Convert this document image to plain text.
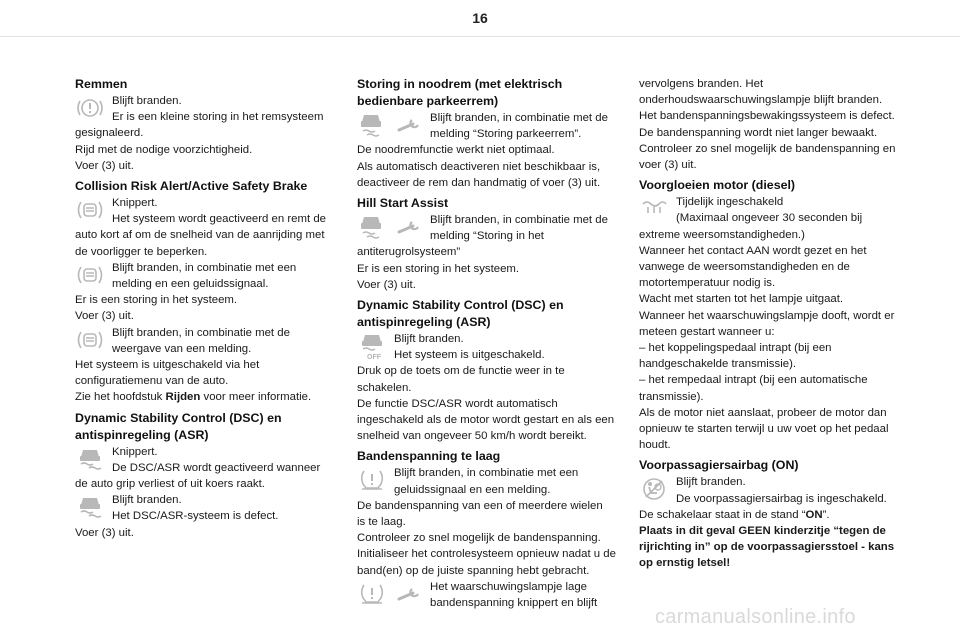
16
Remmen
Blijft branden.
Er is een kleine storing in het remsysteem
gesignaleerd.
Rijd met de nodige voorzichtigheid.
Voer (3) uit.
Collision Risk Alert/Active Safety Brake
Knippert.
Het systeem wordt geactiveerd en remt de
auto kort af om de snelheid van de aanrijding met
de voorligger te beperken.
Blijft branden, in combinatie met een
melding en een geluidssignaal.
Er is een storing in het systeem.
Voer (3) uit.
Blijft branden, in combinatie met de
weergave van een melding.
Het systeem is uitgeschakeld via het
configuratiemenu van de auto.
Zie het hoofdstuk Rijden voor meer informatie.
Dynamic Stability Control (DSC) en antispinregeling (ASR)
Knippert.
De DSC/ASR wordt geactiveerd wanneer
de auto grip verliest of uit koers raakt.
Blijft branden.
Het DSC/ASR-systeem is defect.
Voer (3) uit.
Storing in noodrem (met elektrisch bedienbare parkeerrem)
Blijft branden, in combinatie met de
melding “Storing parkeerrem”.
De noodremfunctie werkt niet optimaal.
Als automatisch deactiveren niet beschikbaar is,
deactiveer de rem dan handmatig of voer (3) uit.
Hill Start Assist
Blijft branden, in combinatie met de
melding “Storing in het
antiterugrolsysteem”
Er is een storing in het systeem.
Voer (3) uit.
Dynamic Stability Control (DSC) en antispinregeling (ASR)
OFF
Blijft branden.
Het systeem is uitgeschakeld.
Druk op de toets om de functie weer in te
schakelen.
De functie DSC/ASR wordt automatisch
ingeschakeld als de motor wordt gestart en als een
snelheid van ongeveer 50 km/h wordt bereikt.
Bandenspanning te laag
Blijft branden, in combinatie met een
geluidssignaal en een melding.
De bandenspanning van een of meerdere wielen
is te laag.
Controleer zo snel mogelijk de bandenspanning.
Initialiseer het controlesysteem opnieuw nadat u de
band(en) op de juiste spanning hebt gebracht.
Het waarschuwingslampje lage
bandenspanning knippert en blijft
vervolgens branden. Het
onderhoudswaarschuwingslampje blijft branden.
Het bandenspanningsbewakingssysteem is defect.
De bandenspanning wordt niet langer bewaakt.
Controleer zo snel mogelijk de bandenspanning en
voer (3) uit.
Voorgloeien motor (diesel)
Tijdelijk ingeschakeld
(Maximaal ongeveer 30 seconden bij
extreme weersomstandigheden.)
Wanneer het contact AAN wordt gezet en het
vanwege de weersomstandigheden en de
motortemperatuur nodig is.
Wacht met starten tot het lampje uitgaat.
Wanneer het waarschuwingslampje dooft, wordt er
meteen gestart wanneer u:
– het koppelingspedaal intrapt (bij een
handgeschakelde transmissie).
– het rempedaal intrapt (bij een automatische
transmissie).
Als de motor niet aanslaat, probeer de motor dan
opnieuw te starten terwijl u uw voet op het pedaal
houdt.
Voorpassagiersairbag (ON)
Blijft branden.
De voorpassagiersairbag is ingeschakeld.
De schakelaar staat in de stand “ON”.
Plaats in dit geval GEEN kinderzitje “tegen de
rijrichting in” op de voorpassagiersstoel - kans
op ernstig letsel!
carmanualsonline.info
